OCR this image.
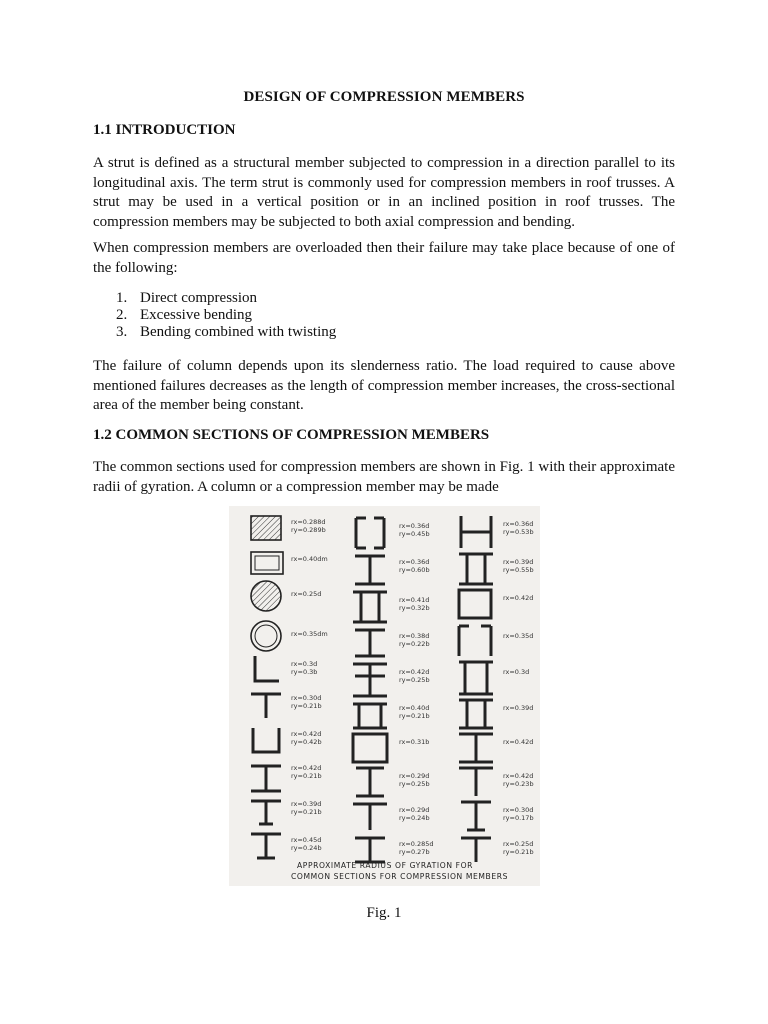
DESIGN OF COMPRESSION MEMBERS
1.1 INTRODUCTION
A strut is defined as a structural member subjected to compression in a direction parallel to its longitudinal axis. The term strut is commonly used for compression members in roof trusses. A strut may be used in a vertical position or in an inclined position in roof trusses. The compression members may be subjected to both axial compression and bending.
When compression members are overloaded then their failure may take place because of one of the following:
1. Direct compression
2. Excessive bending
3. Bending combined with twisting
The failure of column depends upon its slenderness ratio. The load required to cause above mentioned failures decreases as the length of compression member increases, the cross-sectional area of the member being constant.
1.2 COMMON SECTIONS OF COMPRESSION MEMBERS
The common sections used for compression members are shown in Fig. 1 with their approximate radii of gyration. A column or a compression member may be made
rx=0.288d
ry=0.289b
rx=0.40dm
rx=0.25d
rx=0.35dm
rx=0.3d
ry=0.3b
rx=0.30d
ry=0.21b
rx=0.42d
ry=0.42b
rx=0.42d
ry=0.21b
rx=0.39d
ry=0.21b
rx=0.45d
ry=0.24b
rx=0.36d
ry=0.45b
rx=0.36d
ry=0.60b
rx=0.41d
ry=0.32b
rx=0.38d
ry=0.22b
rx=0.42d
ry=0.25b
rx=0.40d
ry=0.21b
rx=0.31b
rx=0.29d
ry=0.25b
rx=0.29d
ry=0.24b
rx=0.285d
ry=0.27b
rx=0.36d
ry=0.53b
rx=0.39d
ry=0.55b
rx=0.42d
rx=0.35d
rx=0.3d
rx=0.39d
rx=0.42d
rx=0.42d
ry=0.23b
rx=0.30d
ry=0.17b
rx=0.25d
ry=0.21b
APPROXIMATE RADIUS OF GYRATION FOR
COMMON SECTIONS FOR COMPRESSION MEMBERS
Fig. 1
